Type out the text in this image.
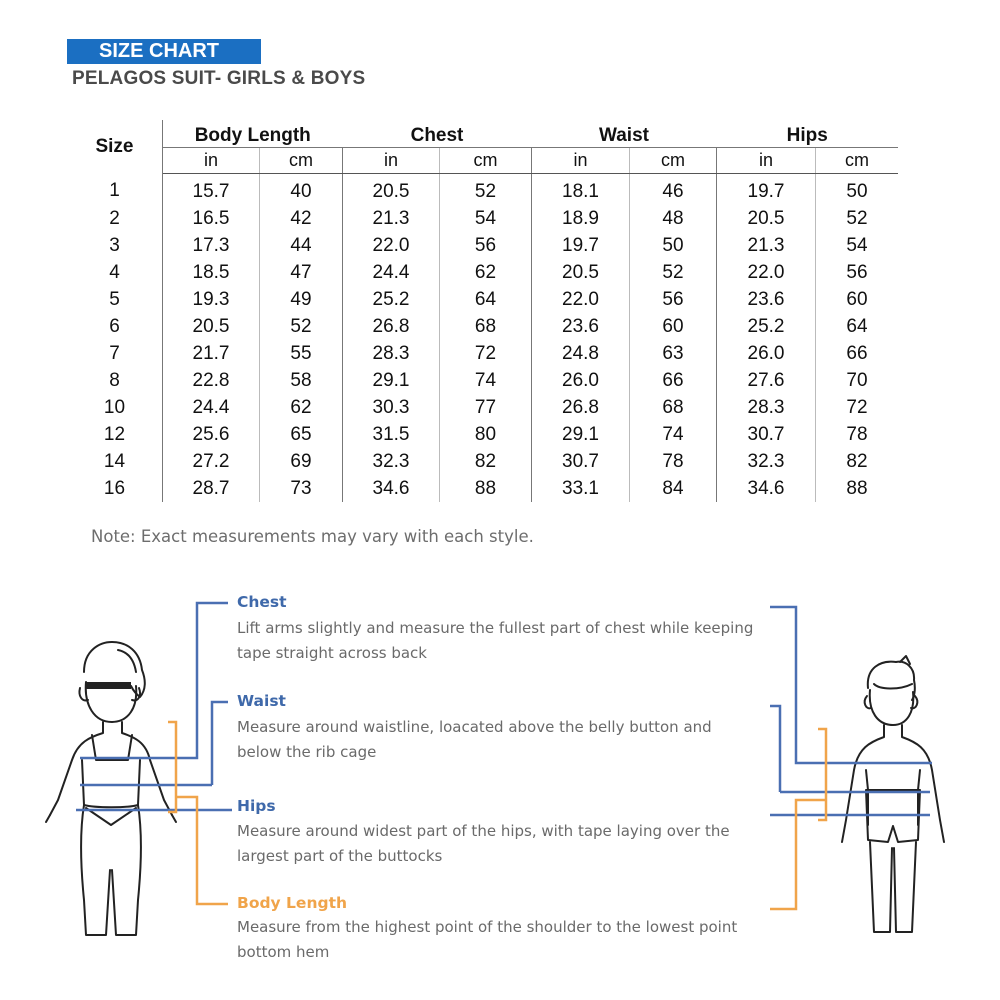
SIZE CHART
PELAGOS SUIT- GIRLS & BOYS
Size	Body Length		Chest		Waist		Hips	
	in	cm	in	cm	in	cm	in	cm
1	15.7	40	20.5	52	18.1	46	19.7	50
2	16.5	42	21.3	54	18.9	48	20.5	52
3	17.3	44	22.0	56	19.7	50	21.3	54
4	18.5	47	24.4	62	20.5	52	22.0	56
5	19.3	49	25.2	64	22.0	56	23.6	60
6	20.5	52	26.8	68	23.6	60	25.2	64
7	21.7	55	28.3	72	24.8	63	26.0	66
8	22.8	58	29.1	74	26.0	66	27.6	70
10	24.4	62	30.3	77	26.8	68	28.3	72
12	25.6	65	31.5	80	29.1	74	30.7	78
14	27.2	69	32.3	82	30.7	78	32.3	82
16	28.7	73	34.6	88	33.1	84	34.6	88
Note: Exact measurements may vary with each style.
Chest
Lift arms slightly and measure the fullest part of chest while keeping
tape straight across back
Waist
Measure around waistline, loacated above the belly button and
below the rib cage
Hips
Measure around widest part of the hips, with tape laying over the
largest part of the buttocks
Body Length
Measure from the highest point of the shoulder to the lowest point
bottom hem
